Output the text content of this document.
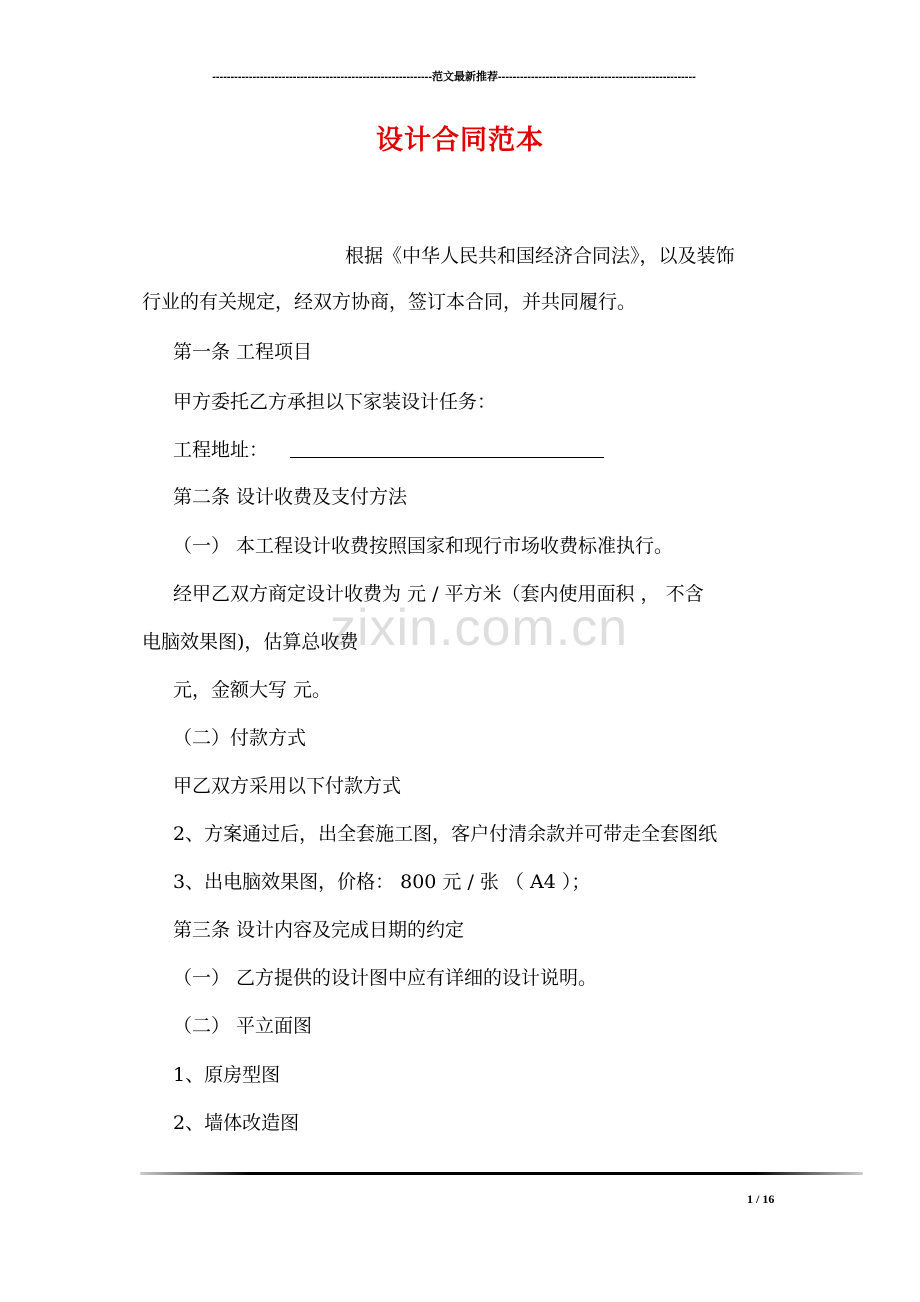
------------------------------------------------------------范文最新推荐------------------------------------------------------
设计合同范本
根据《中华人民共和国经济合同法》，以及装饰
行业的有关规定，经双方协商，签订本合同，并共同履行。
第一条 工程项目
甲方委托乙方承担以下家装设计任务：
工程地址：
第二条 设计收费及支付方法
（一） 本工程设计收费按照国家和现行市场收费标准执行。
经甲乙双方商定设计收费为 元 / 平方米（套内使用面积 ， 不含
电脑效果图)，估算总收费
元，金额大写 元。
（二）付款方式
甲乙双方采用以下付款方式
2、方案通过后，出全套施工图，客户付清余款并可带走全套图纸
3、出电脑效果图，价格： 800 元 / 张 （ A4 ）；
第三条 设计内容及完成日期的约定
（一） 乙方提供的设计图中应有详细的设计说明。
（二） 平立面图
1、原房型图
2、墙体改造图
zixin.com.cn
1 / 16
